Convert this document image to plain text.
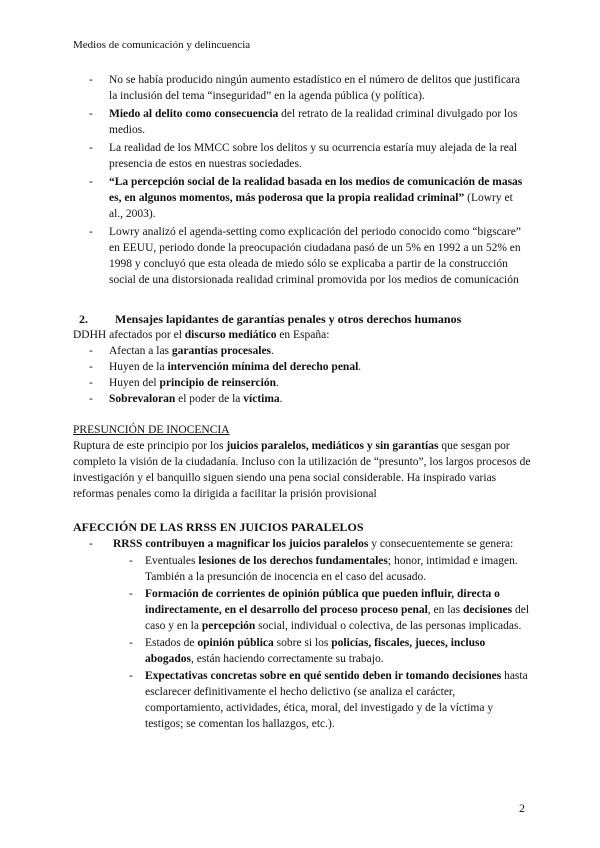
Medios de comunicación y delincuencia
-	No se había producido ningún aumento estadístico en el número de delitos que justificara la inclusión del tema “inseguridad” en la agenda pública (y política).

-	Miedo al delito como consecuencia del retrato de la realidad criminal divulgado por los medios.

-	La realidad de los MMCC sobre los delitos y su ocurrencia estaría muy alejada de la real presencia de estos en nuestras sociedades.

-	“La percepción social de la realidad basada en los medios de comunicación de masas es, en algunos momentos, más poderosa que la propia realidad criminal” (Lowry et al., 2003).

-	Lowry analizó el agenda-setting como explicación del periodo conocido como “bigscare” en EEUU, periodo donde la preocupación ciudadana pasó de un 5% en 1992 a un 52% en 1998 y concluyó que esta oleada de miedo sólo se explicaba a partir de la construcción social de una distorsionada realidad criminal promovida por los medios de comunicación

2. Mensajes lapidantes de garantías penales y otros derechos humanos

DDHH afectados por el discurso mediático en España:

-	Afectan a las garantías procesales.

-	Huyen de la intervención mínima del derecho penal.

-	Huyen del principio de reinserción.

-	Sobrevaloran el poder de la víctima.

PRESUNCIÓN DE INOCENCIA

Ruptura de este principio por los juicios paralelos, mediáticos y sin garantías que sesgan por completo la visión de la ciudadanía. Incluso con la utilización de “presunto”, los largos procesos de investigación y el banquillo siguen siendo una pena social considerable. Ha inspirado varias reformas penales como la dirigida a facilitar la prisión provisional

AFECCIÓN DE LAS RRSS EN JUICIOS PARALELOS
-	RRSS contribuyen a magnificar los juicios paralelos y consecuentemente se genera:

-	Eventuales lesiones de los derechos fundamentales; honor, intimidad e imagen. También a la presunción de inocencia en el caso del acusado.

-	Formación de corrientes de opinión pública que pueden influir, directa o indirectamente, en el desarrollo del proceso proceso penal, en las decisiones del caso y en la percepción social, individual o colectiva, de las personas implicadas.

-	Estados de opinión pública sobre si los policías, fiscales, jueces, incluso abogados, están haciendo correctamente su trabajo.

-	Expectativas concretas sobre en qué sentido deben ir tomando decisiones hasta esclarecer definitivamente el hecho delictivo (se analiza el carácter, comportamiento, actividades, ética, moral, del investigado y de la víctima y testigos; se comentan los hallazgos, etc.).

2
